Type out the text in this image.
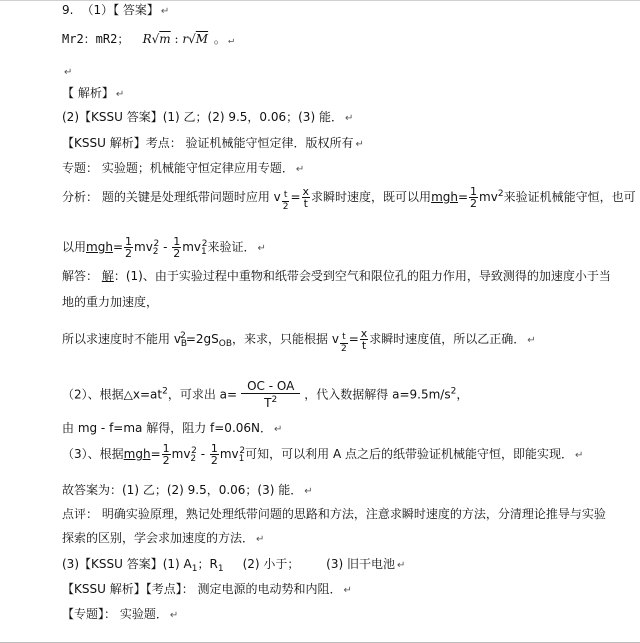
9. （1）【 答案】 ↵
Mr2：mR2； R√m : r√M 。 ↵
↵
【 解析】 ↵
(2)【KSSU 答案】(1) 乙；(2) 9.5，0.06；(3) 能． ↵
【KSSU 解析】考点： 验证机械能守恒定律．版权所有 ↵
专题： 实验题；机械能守恒定律应用专题． ↵
分析： 题的关键是处理纸带问题时应用 v $\frac{t}{2} = \frac{x}{t}$ 求瞬时速度，既可以用$mgh= \frac{1}{2} mv^2$来验证机械能守恒，也可
以用$mgh= \frac{1}{2} mv_2^2 - \frac{1}{2} mv_1^2$来验证． ↵
解答： 解：(1)、由于实验过程中重物和纸带会受到空气和限位孔的阻力作用，导致测得的加速度小于当
地的重力加速度，
所以求速度时不能用 $v_B^2=2gS_{OB}$，来求，只能根据 v $\frac{t}{2} = \frac{x}{t}$ 求瞬时速度值，所以乙正确． ↵
（2）、根据$\triangle x=at^2$，可求出 $a= \frac{OC - OA}{T^2}$ ，代入数据解得 $a=9.5m/s^2$，
由 mg - f=ma 解得，阻力 f=0.06N． ↵
（3）、根据$mgh= \frac{1}{2} mv_2^2 - \frac{1}{2} mv_1^2$可知，可以利用 A 点之后的纸带验证机械能守恒，即能实现． ↵
故答案为：(1) 乙；(2) 9.5，0.06；(3) 能． ↵
点评： 明确实验原理，熟记处理纸带问题的思路和方法，注意求瞬时速度的方法，分清理论推导与实验
探索的区别，学会求加速度的方法． ↵
(3)【KSSU 答案】(1) $A_1$；$R_1$     (2) 小于；       (3) 旧干电池 ↵
【KSSU 解析】【考点】： 测定电源的电动势和内阻． ↵
【专题】： 实验题． ↵
